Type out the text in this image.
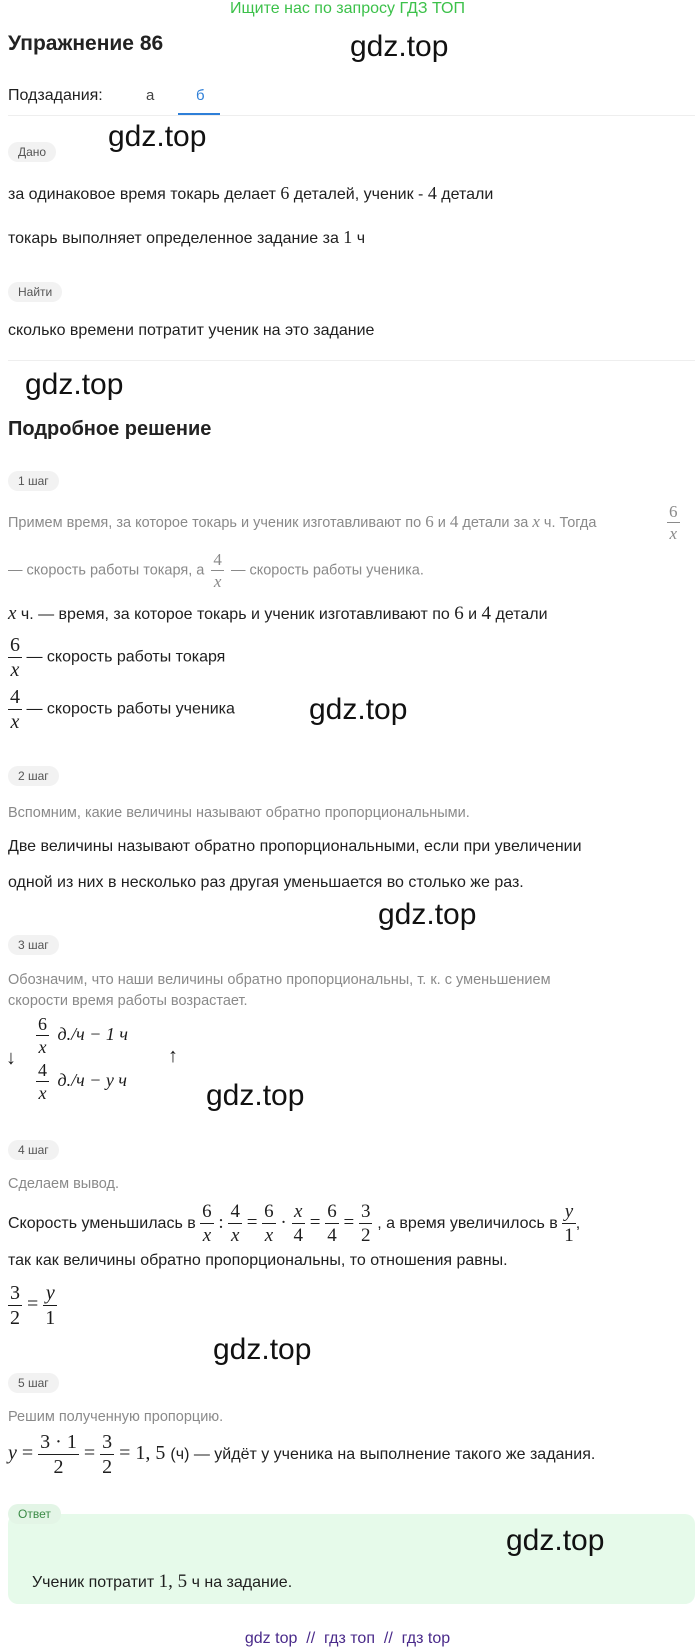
Ищите нас по запросу ГДЗ ТОП
Упражнение 86	gdz.top
Подзадания:	а	б
Дано	gdz.top
за одинаковое время токарь делает 6 деталей, ученик - 4 детали
токарь выполняет определенное задание за 1 ч
Найти
сколько времени потратит ученик на это задание
gdz.top
Подробное решение
1 шаг
Примем время, за которое токарь и ученик изготавливают по 6 и 4 детали за x ч. Тогда	$\frac{6}{x}$
— скорость работы токаря, а $\frac{4}{x}$ — скорость работы ученика.
x ч. — время, за которое токарь и ученик изготавливают по 6 и 4 детали
$\frac{6}{x}$ — скорость работы токаря
$\frac{4}{x}$ — скорость работы ученика gdz.top
2 шаг
Вспомним, какие величины называют обратно пропорциональными.
Две величины называют обратно пропорциональными, если при увеличении
одной из них в несколько раз другая уменьшается во столько же раз.
gdz.top
3 шаг
Обозначим, что наши величины обратно пропорциональны, т. к. с уменьшением
скорости время работы возрастает.
↓
$\frac{6}{x} д./ч - 1$ ч
$\frac{4}{x} д./ч - y$ ч
↑
gdz.top
4 шаг
Сделаем вывод.
Скорость уменьшилась в $\frac{6}{x}$ : $\frac{4}{x} = \frac{6}{x} \cdot \frac{x}{4} = \frac{6}{4} = \frac{3}{2}$ , а время увеличилось в $\frac{y}{1}$ ,
так как величины обратно пропорциональны, то отношения равны.
$\frac{3}{2} = \frac{y}{1}$
gdz.top
5 шаг
Решим полученную пропорцию.
$y = \frac{3 \cdot 1}{2} = \frac{3}{2} = 1$, 5 (ч) — уйдёт у ученика на выполнение такого же задания.
Ответ
Ученик потратит 1, 5 ч на задание.
gdz.top
gdz top  //  гдз топ  //  гдз top
